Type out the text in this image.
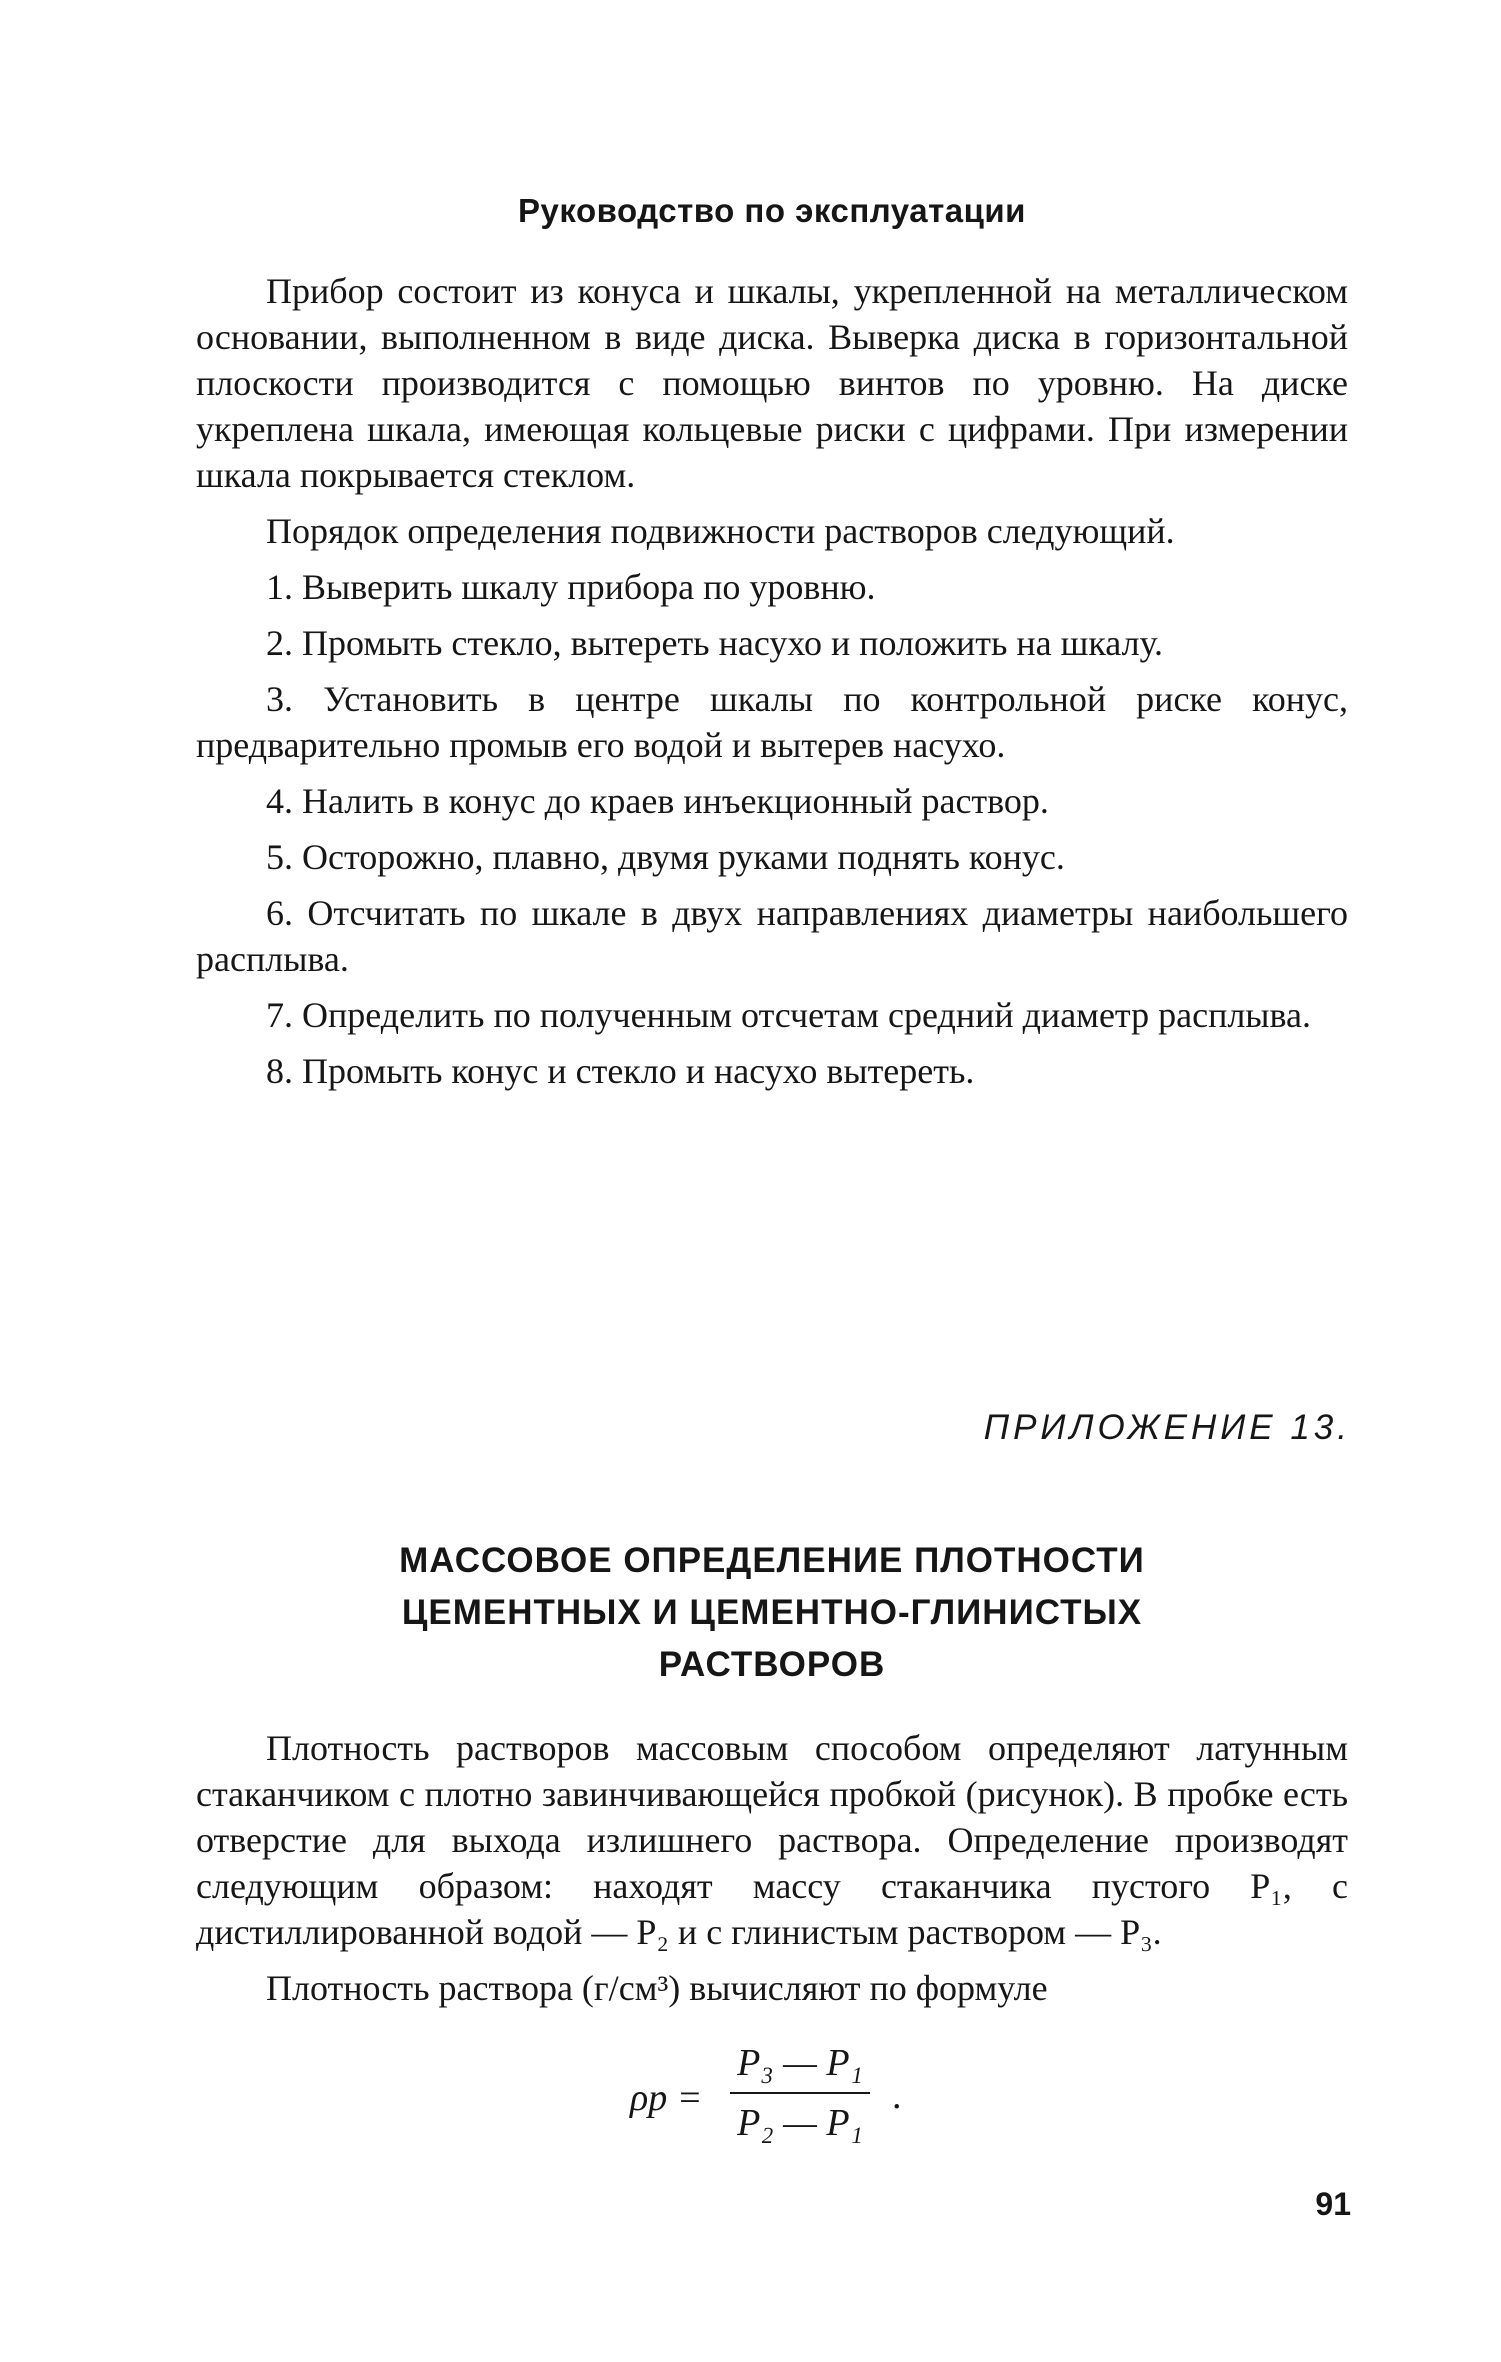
Руководство по эксплуатации

Прибор состоит из конуса и шкалы, укрепленной на металлическом основании, выполненном в виде диска. Выверка диска в горизонтальной плоскости производится с помощью винтов по уровню. На диске укреплена шкала, имеющая кольцевые риски с цифрами. При измерении шкала покрывается стеклом.

Порядок определения подвижности растворов следующий.

1. Выверить шкалу прибора по уровню.

2. Промыть стекло, вытереть насухо и положить на шкалу.

3. Установить в центре шкалы по контрольной риске конус, предварительно промыв его водой и вытерев насухо.

4. Налить в конус до краев инъекционный раствор.

5. Осторожно, плавно, двумя руками поднять конус.

6. Отсчитать по шкале в двух направлениях диаметры наибольшего расплыва.

7. Определить по полученным отсчетам средний диаметр расплыва.

8. Промыть конус и стекло и насухо вытереть.

ПРИЛОЖЕНИЕ 13.
МАССОВОЕ ОПРЕДЕЛЕНИЕ ПЛОТНОСТИ
ЦЕМЕНТНЫХ И ЦЕМЕНТНО-ГЛИНИСТЫХ
РАСТВОРОВ

Плотность растворов массовым способом определяют латунным стаканчиком с плотно завинчивающейся пробкой (рисунок). В пробке есть отверстие для выхода излишнего раствора. Определение производят следующим образом: находят массу стаканчика пустого P₁, с дистиллированной водой — P₂ и с глинистым раствором — P₃.

Плотность раствора (г/см³) вычисляют по формуле

ρр =
P₃ — P₁
P₂ — P₁
.
91
